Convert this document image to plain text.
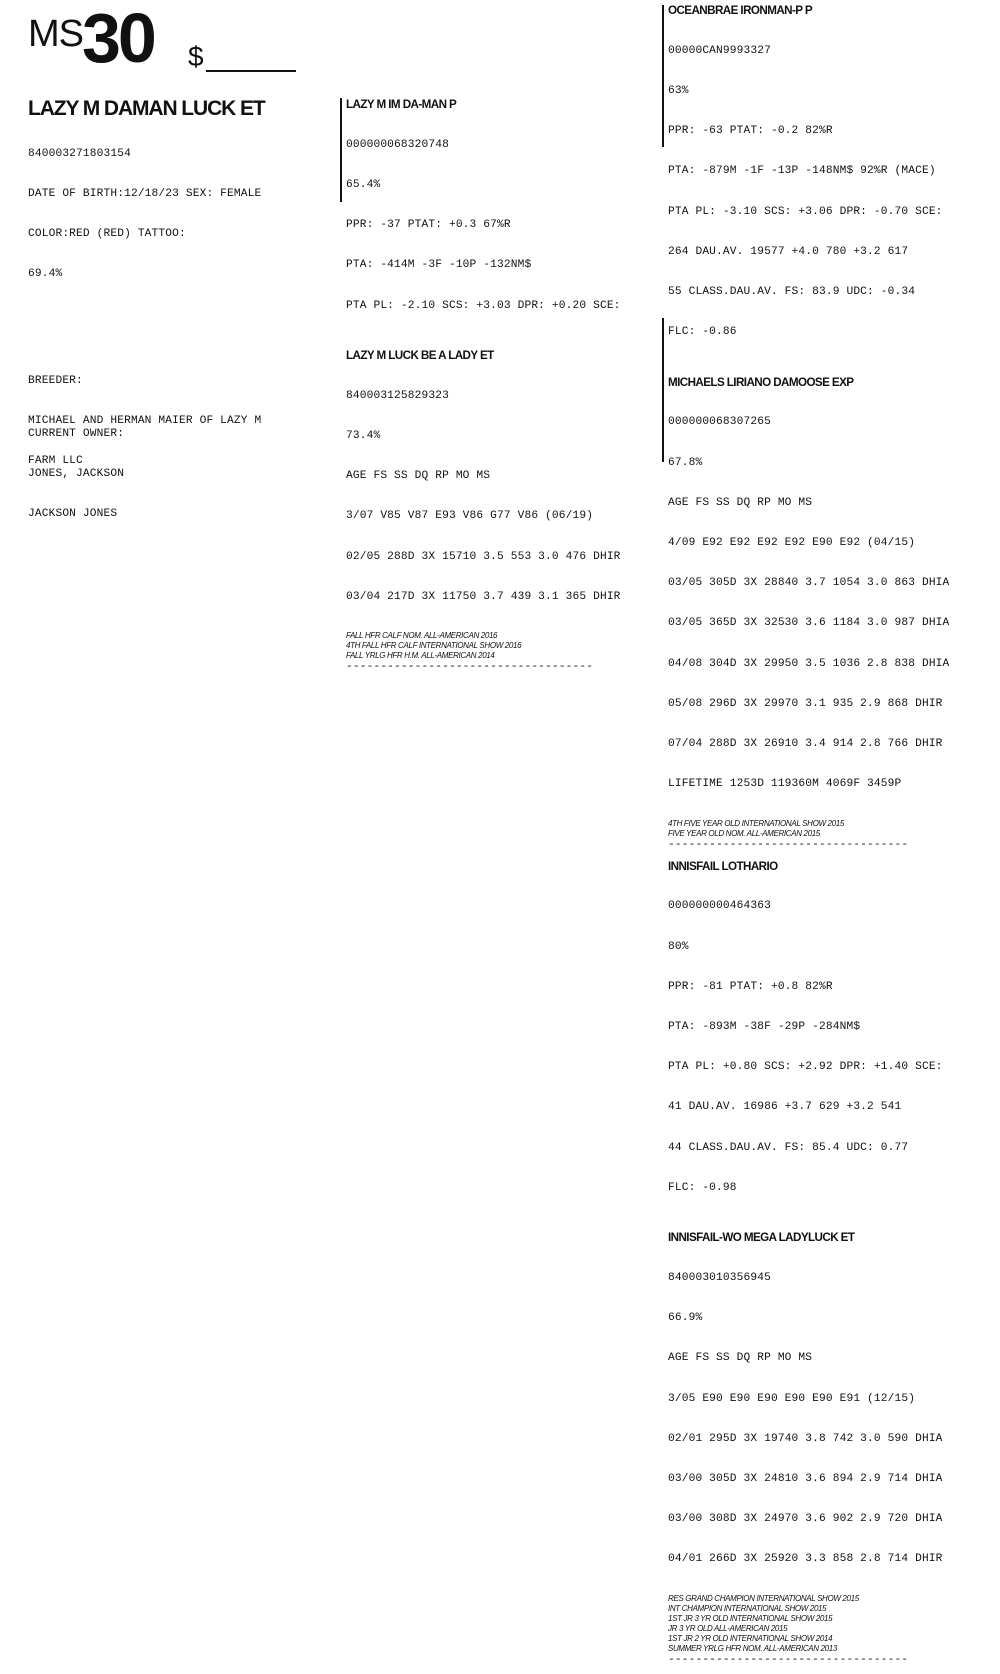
MS 30 $
LAZY M DAMAN LUCK ET

840003271803154

DATE OF BIRTH:12/18/23 SEX: FEMALE

COLOR:RED (RED) TATTOO:

69.4%

BREEDER:

MICHAEL AND HERMAN MAIER OF LAZY M

FARM LLC

CURRENT OWNER:

JONES, JACKSON

JACKSON JONES

LAZY M IM DA-MAN P

000000068320748

65.4%

PPR: -37 PTAT: +0.3 67%R

PTA: -414M -3F -10P -132NM$

PTA PL: -2.10 SCS: +3.03 DPR: +0.20 SCE:

LAZY M LUCK BE A LADY ET

840003125829323

73.4%

AGE FS SS DQ RP MO MS

3/07 V85 V87 E93 V86 G77 V86 (06/19)

02/05 288D 3X 15710 3.5 553 3.0 476 DHIR

03/04 217D 3X 11750 3.7 439 3.1 365 DHIR

FALL HFR CALF NOM. ALL-AMERICAN 2016
4TH FALL HFR CALF INTERNATIONAL SHOW 2016
FALL YRLG HFR H.M. ALL-AMERICAN 2014
------------------------------------
OCEANBRAE IRONMAN-P P

00000CAN9993327

63%

PPR: -63 PTAT: -0.2 82%R

PTA: -879M -1F -13P -148NM$ 92%R (MACE)

PTA PL: -3.10 SCS: +3.06 DPR: -0.70 SCE:

264 DAU.AV. 19577 +4.0 780 +3.2 617

55 CLASS.DAU.AV. FS: 83.9 UDC: -0.34

FLC: -0.86

MICHAELS LIRIANO DAMOOSE EXP

000000068307265

67.8%

AGE FS SS DQ RP MO MS

4/09 E92 E92 E92 E92 E90 E92 (04/15)

03/05 305D 3X 28840 3.7 1054 3.0 863 DHIA

03/05 365D 3X 32530 3.6 1184 3.0 987 DHIA

04/08 304D 3X 29950 3.5 1036 2.8 838 DHIA

05/08 296D 3X 29970 3.1 935 2.9 868 DHIR

07/04 288D 3X 26910 3.4 914 2.8 766 DHIR

LIFETIME 1253D 119360M 4069F 3459P

4TH FIVE YEAR OLD INTERNATIONAL SHOW 2015
FIVE YEAR OLD NOM. ALL-AMERICAN 2015
-----------------------------------
INNISFAIL LOTHARIO

000000000464363

80%

PPR: -81 PTAT: +0.8 82%R

PTA: -893M -38F -29P -284NM$

PTA PL: +0.80 SCS: +2.92 DPR: +1.40 SCE:

41 DAU.AV. 16986 +3.7 629 +3.2 541

44 CLASS.DAU.AV. FS: 85.4 UDC: 0.77

FLC: -0.98

INNISFAIL-WO MEGA LADYLUCK ET

840003010356945

66.9%

AGE FS SS DQ RP MO MS

3/05 E90 E90 E90 E90 E90 E91 (12/15)

02/01 295D 3X 19740 3.8 742 3.0 590 DHIA

03/00 305D 3X 24810 3.6 894 2.9 714 DHIA

03/00 308D 3X 24970 3.6 902 2.9 720 DHIA

04/01 266D 3X 25920 3.3 858 2.8 714 DHIR

RES GRAND CHAMPION INTERNATIONAL SHOW 2015
INT CHAMPION INTERNATIONAL SHOW 2015
1ST JR 3 YR OLD INTERNATIONAL SHOW 2015
JR 3 YR OLD ALL-AMERICAN 2015
1ST JR 2 YR OLD INTERNATIONAL SHOW 2014
SUMMER YRLG HFR NOM. ALL-AMERICAN 2013
-----------------------------------
